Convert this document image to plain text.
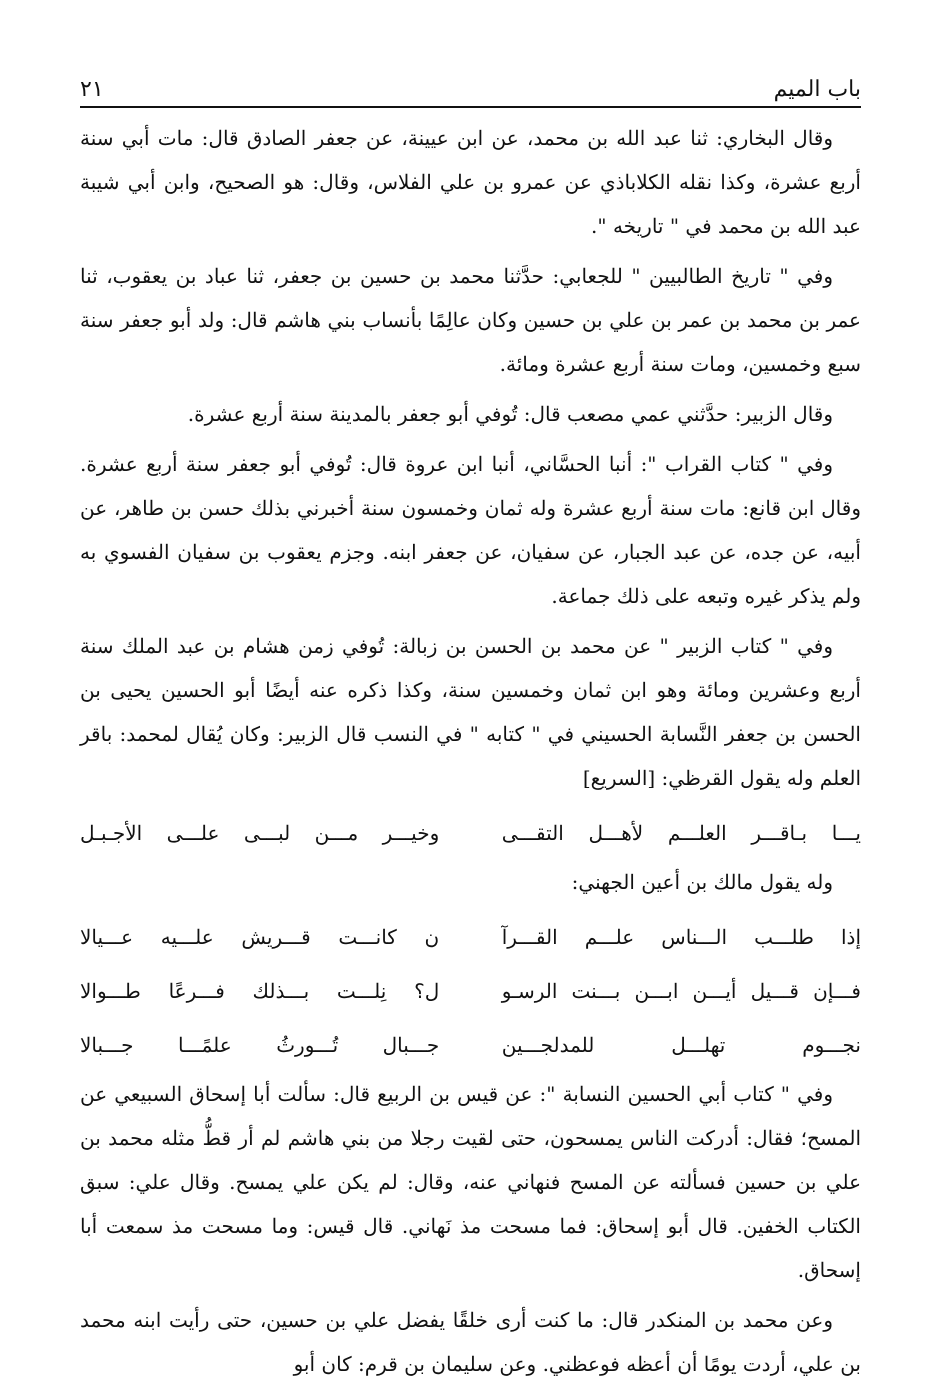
٢١	باب الميم

وقال البخاري: ثنا عبد الله بن محمد، عن ابن عيينة، عن جعفر الصادق قال: مات أبي سنة أربع عشرة، وكذا نقله الكلاباذي عن عمرو بن علي الفلاس، وقال: هو الصحيح، وابن أبي شيبة عبد الله بن محمد في " تاريخه ".

وفي " تاريخ الطالبيين " للجعابي: حدَّثنا محمد بن حسين بن جعفر، ثنا عباد بن يعقوب، ثنا عمر بن محمد بن عمر بن علي بن حسين وكان عالِمًا بأنساب بني هاشم قال: ولد أبو جعفر سنة سبع وخمسين، ومات سنة أربع عشرة ومائة.

وقال الزبير: حدَّثني عمي مصعب قال: تُوفي أبو جعفر بالمدينة سنة أربع عشرة.

وفي " كتاب القراب ": أنبا الحسَّاني، أنبا ابن عروة قال: تُوفي أبو جعفر سنة أربع عشرة. وقال ابن قانع: مات سنة أربع عشرة وله ثمان وخمسون سنة أخبرني بذلك حسن بن طاهر، عن أبيه، عن جده، عن عبد الجبار، عن سفيان، عن جعفر ابنه. وجزم يعقوب بن سفيان الفسوي به ولم يذكر غيره وتبعه على ذلك جماعة.

وفي " كتاب الزبير " عن محمد بن الحسن بن زبالة: تُوفي زمن هشام بن عبد الملك سنة أربع وعشرين ومائة وهو ابن ثمان وخمسين سنة، وكذا ذكره عنه أيضًا أبو الحسين يحيى بن الحسن بن جعفر النَّسابة الحسيني في " كتابه " في النسب قال الزبير: وكان يُقال لمحمد: باقر العلم وله يقول القرظي: [السريع]

يـــا بـاقـــر العلـــم لأهـــل التقـــى
وخيـــر مـــن لبـــى علـــى الأجـبـل

وله يقول مالك بن أعين الجهني:

إذا طلـــب الـــناس علـــم القـــرآ
ن كانـــت قـــريش علـــيه عـــيالا
فـــإن قـــيل أيـــن ابـــن بـــنت الرسـو
ل؟ نِلـــت بـــذلك فـــرعًا طـــوالا
نجـــوم تهلـــل للمدلجـــين
جـــبال تُـــورثُ علمًـــا جـــبالا

وفي " كتاب أبي الحسين النسابة ": عن قيس بن الربيع قال: سألت أبا إسحاق السبيعي عن المسح؛ فقال: أدركت الناس يمسحون، حتى لقيت رجلا من بني هاشم لم أر قطُّ مثله محمد بن علي بن حسين فسألته عن المسح فنهاني عنه، وقال: لم يكن علي يمسح. وقال علي: سبق الكتاب الخفين. قال أبو إسحاق: فما مسحت مذ نَهاني. قال قيس: وما مسحت مذ سمعت أبا إسحاق.

وعن محمد بن المنكدر قال: ما كنت أرى خلقًا يفضل علي بن حسين، حتى رأيت ابنه محمد بن علي، أردت يومًا أن أعظه فوعظني. وعن سليمان بن قرم: كان أبو
